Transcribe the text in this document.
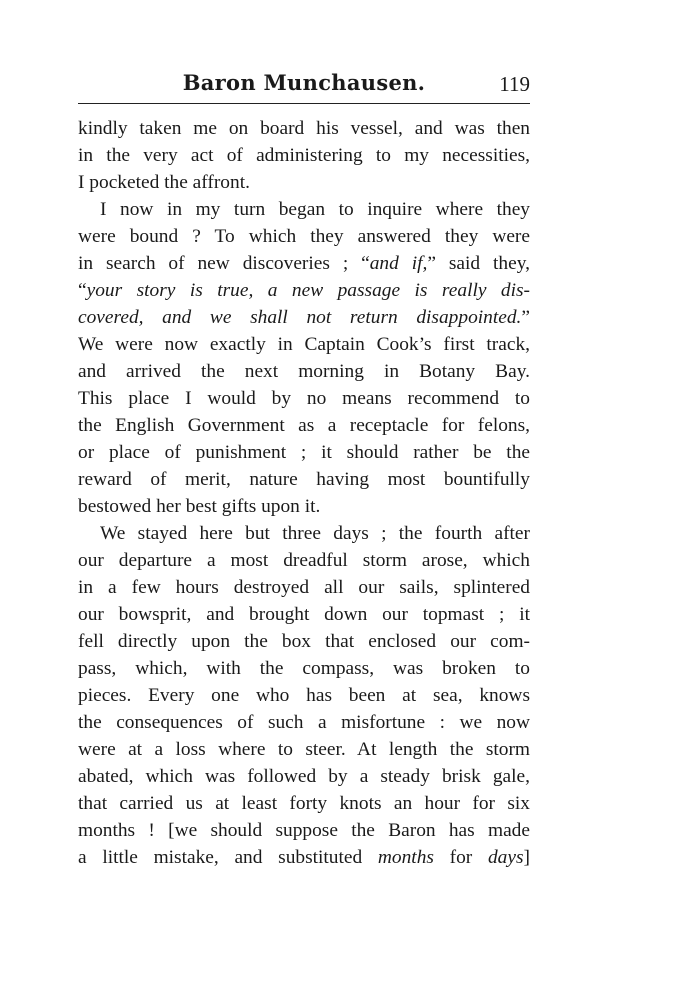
Baron Munchausen.	119
kindly taken me on board his vessel, and was then
in the very act of administering to my necessities,
I pocketed the affront.
I now in my turn began to inquire where they
were bound ? To which they answered they were
in search of new discoveries ; “and if,” said they,
“your story is true, a new passage is really dis-
covered, and we shall not return disappointed.”
We were now exactly in Captain Cook’s first track,
and arrived the next morning in Botany Bay.
This place I would by no means recommend to
the English Government as a receptacle for felons,
or place of punishment ; it should rather be the
reward of merit, nature having most bountifully
bestowed her best gifts upon it.
We stayed here but three days ; the fourth after
our departure a most dreadful storm arose, which
in a few hours destroyed all our sails, splintered
our bowsprit, and brought down our topmast ; it
fell directly upon the box that enclosed our com-
pass, which, with the compass, was broken to
pieces. Every one who has been at sea, knows
the consequences of such a misfortune : we now
were at a loss where to steer. At length the storm
abated, which was followed by a steady brisk gale,
that carried us at least forty knots an hour for six
months ! [we should suppose the Baron has made
a little mistake, and substituted months for days]
